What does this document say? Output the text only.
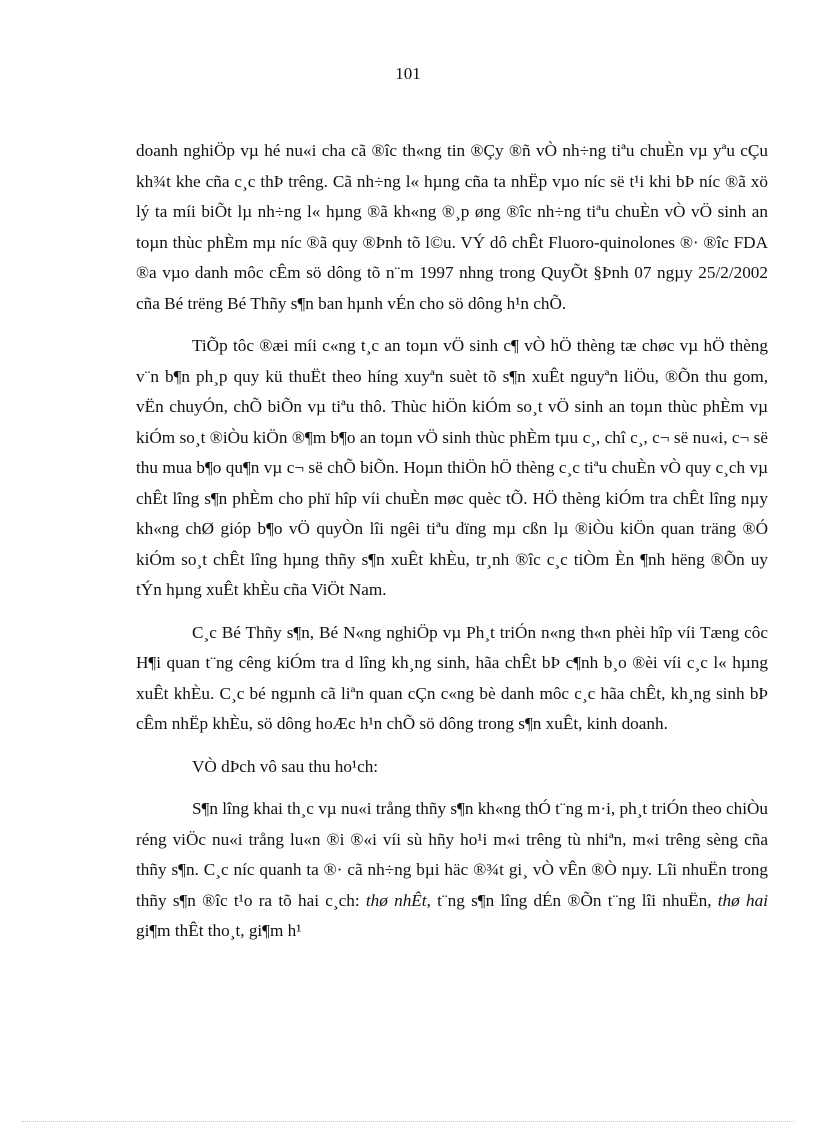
101

doanh nghiÖp vµ hé nu«i cha cã ®îc th«ng tin ®Çy ®ñ vÒ nh÷ng tiªu chuÈn vµ yªu cÇu kh¾t khe cña c¸c thÞ trêng. Cã nh÷ng l« hµng cña ta nhËp vµo níc së t¹i khi bÞ níc ®ã xö lý ta míi biÕt lµ nh÷ng l« hµng ®ã kh«ng ®¸p øng ®îc nh÷ng tiªu chuÈn vÒ vÖ sinh an toµn thùc phÈm mµ níc ®ã quy ®Þnh tõ l©u. VÝ dô chÊt Fluoro-quinolones ®· ®îc FDA ®a vµo danh môc cÊm sö dông tõ n¨m 1997 nhng trong QuyÕt §Þnh 07 ngµy 25/2/2002 cña Bé trëng Bé Thñy s¶n ban hµnh vÉn cho sö dông h¹n chÕ.

TiÕp tôc ®æi míi c«ng t¸c an toµn vÖ sinh c¶ vÒ hÖ thèng tæ chøc vµ hÖ thèng v¨n b¶n ph¸p quy kü thuËt theo híng xuyªn suèt tõ s¶n xuÊt nguyªn liÖu, ®Õn thu gom, vËn chuyÓn, chÕ biÕn vµ tiªu thô. Thùc hiÖn kiÓm so¸t vÖ sinh an toµn thùc phÈm vµ kiÓm so¸t ®iÒu kiÖn ®¶m b¶o an toµn vÖ sinh thùc phÈm tµu c¸, chî c¸, c¬ së nu«i, c¬ së thu mua b¶o qu¶n vµ c¬ së chÕ biÕn. Hoµn thiÖn hÖ thèng c¸c tiªu chuÈn vÒ quy c¸ch vµ chÊt lîng s¶n phÈm cho phï hîp víi chuÈn møc quèc tÕ. HÖ thèng kiÓm tra chÊt lîng nµy kh«ng chØ gióp b¶o vÖ quyÒn lîi ngêi tiªu dïng mµ cßn lµ ®iÒu kiÖn quan träng ®Ó kiÓm so¸t chÊt lîng hµng thñy s¶n xuÊt khÈu, tr¸nh ®îc c¸c tiÒm Èn ¶nh hëng ®Õn uy tÝn hµng xuÊt khÈu cña ViÖt Nam.

C¸c Bé Thñy s¶n, Bé N«ng nghiÖp vµ Ph¸t triÓn n«ng th«n phèi hîp víi Tæng côc H¶i quan t¨ng cêng kiÓm tra d lîng kh¸ng sinh, hãa chÊt bÞ c¶nh b¸o ®èi víi c¸c l« hµng xuÊt khÈu. C¸c bé ngµnh cã liªn quan cÇn c«ng bè danh môc c¸c hãa chÊt, kh¸ng sinh bÞ cÊm nhËp khÈu, sö dông hoÆc h¹n chÕ sö dông trong s¶n xuÊt, kinh doanh.

VÒ dÞch vô sau thu ho¹ch:

S¶n lîng khai th¸c vµ nu«i trång thñy s¶n kh«ng thÓ t¨ng m·i, ph¸t triÓn theo chiÒu réng viÖc nu«i trång lu«n ®i ®«i víi sù hñy ho¹i m«i trêng tù nhiªn, m«i trêng sèng cña thñy s¶n. C¸c níc quanh ta ®· cã nh÷ng bµi häc ®¾t gi¸ vÒ vÊn ®Ò nµy. Lîi nhuËn trong thñy s¶n ®îc t¹o ra tõ hai c¸ch: thø nhÊt, t¨ng s¶n lîng dÉn ®Õn t¨ng lîi nhuËn, thø hai gi¶m thÊt tho¸t, gi¶m h¹
